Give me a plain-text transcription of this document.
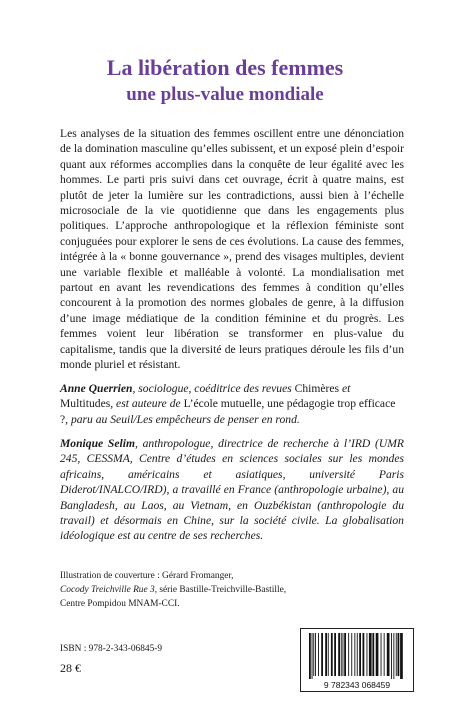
La libération des femmes
une plus-value mondiale

Les analyses de la situation des femmes oscillent entre une dénonciation de la domination masculine qu’elles subissent, et un exposé plein d’espoir quant aux réformes accomplies dans la conquête de leur égalité avec les hommes. Le parti pris suivi dans cet ouvrage, écrit à quatre mains, est plutôt de jeter la lumière sur les contradictions, aussi bien à l’échelle microsociale de la vie quotidienne que dans les engagements plus politiques. L’approche anthropologique et la réflexion féministe sont conjuguées pour explorer le sens de ces évolutions. La cause des femmes, intégrée à la « bonne gouvernance », prend des visages multiples, devient une variable flexible et malléable à volonté. La mondialisation met partout en avant les revendications des femmes à condition qu’elles concourent à la promotion des normes globales de genre, à la diffusion d’une image médiatique de la condition féminine et du progrès. Les femmes voient leur libération se transformer en plus-value du capitalisme, tandis que la diversité de leurs pratiques déroule les fils d’un monde pluriel et résistant.

Anne Querrien, sociologue, coéditrice des revues Chimères et Multitudes, est auteure de L’école mutuelle, une pédagogie trop efficace ?, paru au Seuil/Les empêcheurs de penser en rond.

Monique Selim, anthropologue, directrice de recherche à l’IRD (UMR 245, CESSMA, Centre d’études en sciences sociales sur les mondes africains, américains et asiatiques, université Paris Diderot/INALCO/IRD), a travaillé en France (anthropologie urbaine), au Bangladesh, au Laos, au Vietnam, en Ouzbékistan (anthropologie du travail) et désormais en Chine, sur la société civile. La globalisation idéologique est au centre de ses recherches.

Illustration de couverture : Gérard Fromanger,
Cocody Treichville Rue 3, série Bastille-Treichville-Bastille,
Centre Pompidou MNAM-CCI.

ISBN : 978-2-343-06845-9

28 €

9 782343 068459
